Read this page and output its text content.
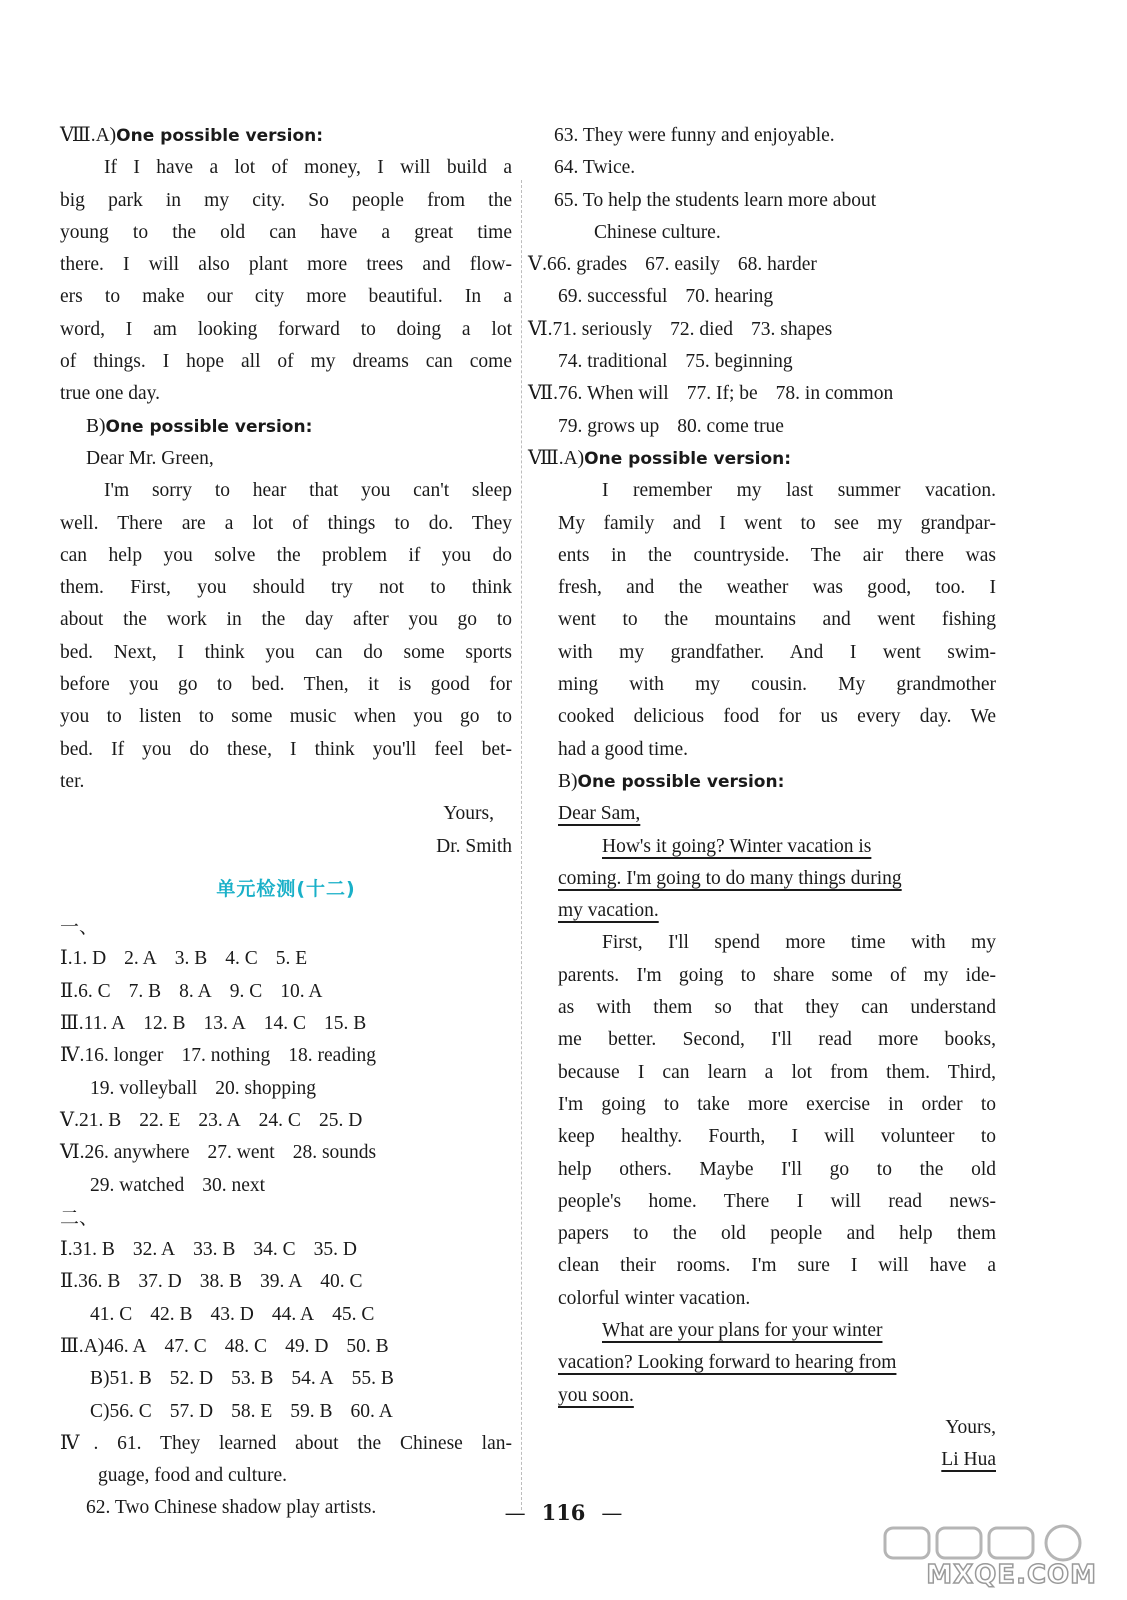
Ⅷ.A)One possible version:
If I have a lot of money, I will build a
big park in my city. So people from the
young to the old can have a great time
there. I will also plant more trees and flow-
ers to make our city more beautiful. In a
word, I am looking forward to doing a lot
of things. I hope all of my dreams can come
true one day.
B)One possible version:
Dear Mr. Green,
I'm sorry to hear that you can't sleep
well. There are a lot of things to do. They
can help you solve the problem if you do
them. First, you should try not to think
about the work in the day after you go to
bed. Next, I think you can do some sports
before you go to bed. Then, it is good for
you to listen to some music when you go to
bed. If you do these, I think you'll feel bet-
ter.
Yours,
Dr. Smith
单元检测(十二)
一、
Ⅰ.1. D 2. A 3. B 4. C 5. E
Ⅱ.6. C 7. B 8. A 9. C 10. A
Ⅲ.11. A 12. B 13. A 14. C 15. B
Ⅳ.16. longer 17. nothing 18. reading
19. volleyball 20. shopping
Ⅴ.21. B 22. E 23. A 24. C 25. D
Ⅵ.26. anywhere 27. went 28. sounds
29. watched 30. next
二、
Ⅰ.31. B 32. A 33. B 34. C 35. D
Ⅱ.36. B 37. D 38. B 39. A 40. C
41. C 42. B 43. D 44. A 45. C
Ⅲ.A)46. A 47. C 48. C 49. D 50. B
B)51. B 52. D 53. B 54. A 55. B
C)56. C 57. D 58. E 59. B 60. A
Ⅳ. 61. They learned about the Chinese lan-
guage, food and culture.
62. Two Chinese shadow play artists.
63. They were funny and enjoyable.
64. Twice.
65. To help the students learn more about
Chinese culture.
Ⅴ.66. grades 67. easily 68. harder
69. successful 70. hearing
Ⅵ.71. seriously 72. died 73. shapes
74. traditional 75. beginning
Ⅶ.76. When will 77. If; be 78. in common
79. grows up 80. come true
Ⅷ.A)One possible version:
I remember my last summer vacation.
My family and I went to see my grandpar-
ents in the countryside. The air there was
fresh, and the weather was good, too. I
went to the mountains and went fishing
with my grandfather. And I went swim-
ming with my cousin. My grandmother
cooked delicious food for us every day. We
had a good time.
B)One possible version:
Dear Sam,
How's it going? Winter vacation is
coming. I'm going to do many things during
my vacation.
First, I'll spend more time with my
parents. I'm going to share some of my ide-
as with them so that they can understand
me better. Second, I'll read more books,
because I can learn a lot from them. Third,
I'm going to take more exercise in order to
keep healthy. Fourth, I will volunteer to
help others. Maybe I'll go to the old
people's home. There I will read news-
papers to the old people and help them
clean their rooms. I'm sure I will have a
colorful winter vacation.
What are your plans for your winter
vacation? Looking forward to hearing from
you soon.
Yours,
Li Hua
— 116 —
MXQE.COM
